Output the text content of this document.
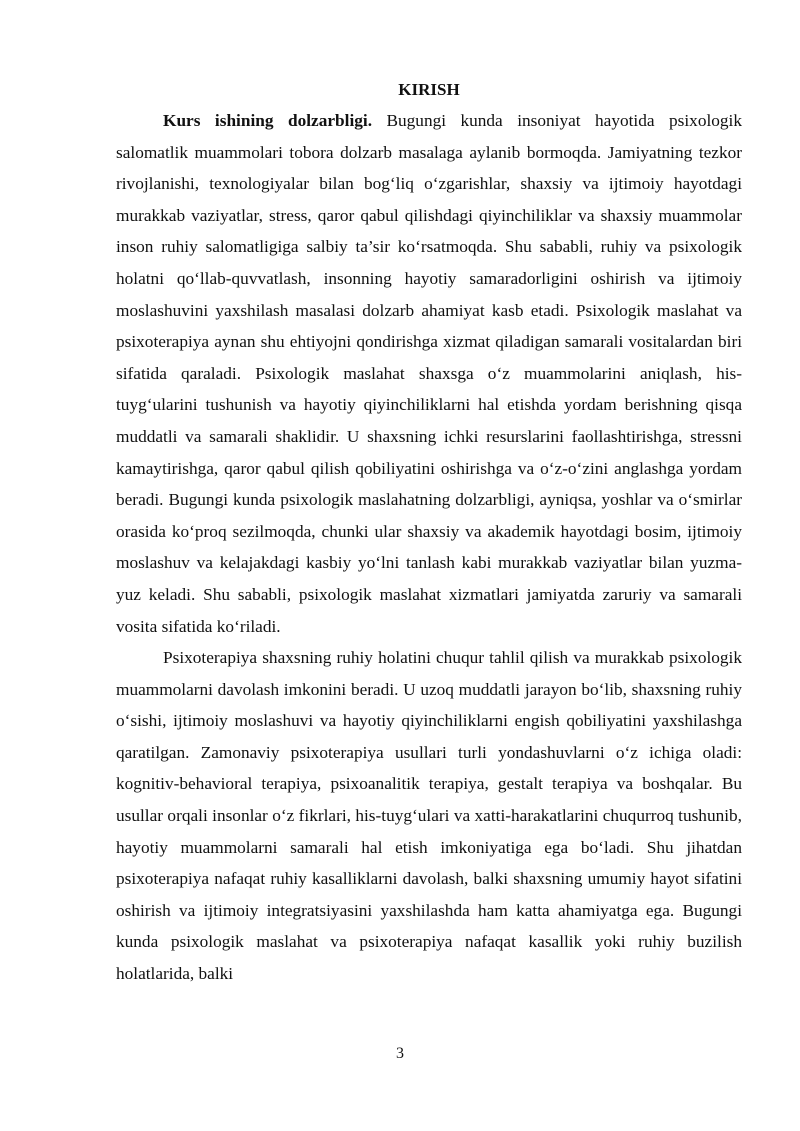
KIRISH

Kurs ishining dolzarbligi. Bugungi kunda insoniyat hayotida psixologik salomatlik muammolari tobora dolzarb masalaga aylanib bormoqda. Jamiyatning tezkor rivojlanishi, texnologiyalar bilan bog‘liq o‘zgarishlar, shaxsiy va ijtimoiy hayotdagi murakkab vaziyatlar, stress, qaror qabul qilishdagi qiyinchiliklar va shaxsiy muammolar inson ruhiy salomatligiga salbiy ta’sir ko‘rsatmoqda. Shu sababli, ruhiy va psixologik holatni qo‘llab-quvvatlash, insonning hayotiy samaradorligini oshirish va ijtimoiy moslashuvini yaxshilash masalasi dolzarb ahamiyat kasb etadi. Psixologik maslahat va psixoterapiya aynan shu ehtiyojni qondirishga xizmat qiladigan samarali vositalardan biri sifatida qaraladi. Psixologik maslahat shaxsga o‘z muammolarini aniqlash, his-tuyg‘ularini tushunish va hayotiy qiyinchiliklarni hal etishda yordam berishning qisqa muddatli va samarali shaklidir. U shaxsning ichki resurslarini faollashtirishga, stressni kamaytirishga, qaror qabul qilish qobiliyatini oshirishga va o‘z-o‘zini anglashga yordam beradi. Bugungi kunda psixologik maslahatning dolzarbligi, ayniqsa, yoshlar va o‘smirlar orasida ko‘proq sezilmoqda, chunki ular shaxsiy va akademik hayotdagi bosim, ijtimoiy moslashuv va kelajakdagi kasbiy yo‘lni tanlash kabi murakkab vaziyatlar bilan yuzma-yuz keladi. Shu sababli, psixologik maslahat xizmatlari jamiyatda zaruriy va samarali vosita sifatida ko‘riladi.

Psixoterapiya shaxsning ruhiy holatini chuqur tahlil qilish va murakkab psixologik muammolarni davolash imkonini beradi. U uzoq muddatli jarayon bo‘lib, shaxsning ruhiy o‘sishi, ijtimoiy moslashuvi va hayotiy qiyinchiliklarni engish qobiliyatini yaxshilashga qaratilgan. Zamonaviy psixoterapiya usullari turli yondashuvlarni o‘z ichiga oladi: kognitiv-behavioral terapiya, psixoanalitik terapiya, gestalt terapiya va boshqalar. Bu usullar orqali insonlar o‘z fikrlari, his-tuyg‘ulari va xatti-harakatlarini chuqurroq tushunib, hayotiy muammolarni samarali hal etish imkoniyatiga ega bo‘ladi. Shu jihatdan psixoterapiya nafaqat ruhiy kasalliklarni davolash, balki shaxsning umumiy hayot sifatini oshirish va ijtimoiy integratsiyasini yaxshilashda ham katta ahamiyatga ega. Bugungi kunda psixologik maslahat va psixoterapiya nafaqat kasallik yoki ruhiy buzilish holatlarida, balki

3
